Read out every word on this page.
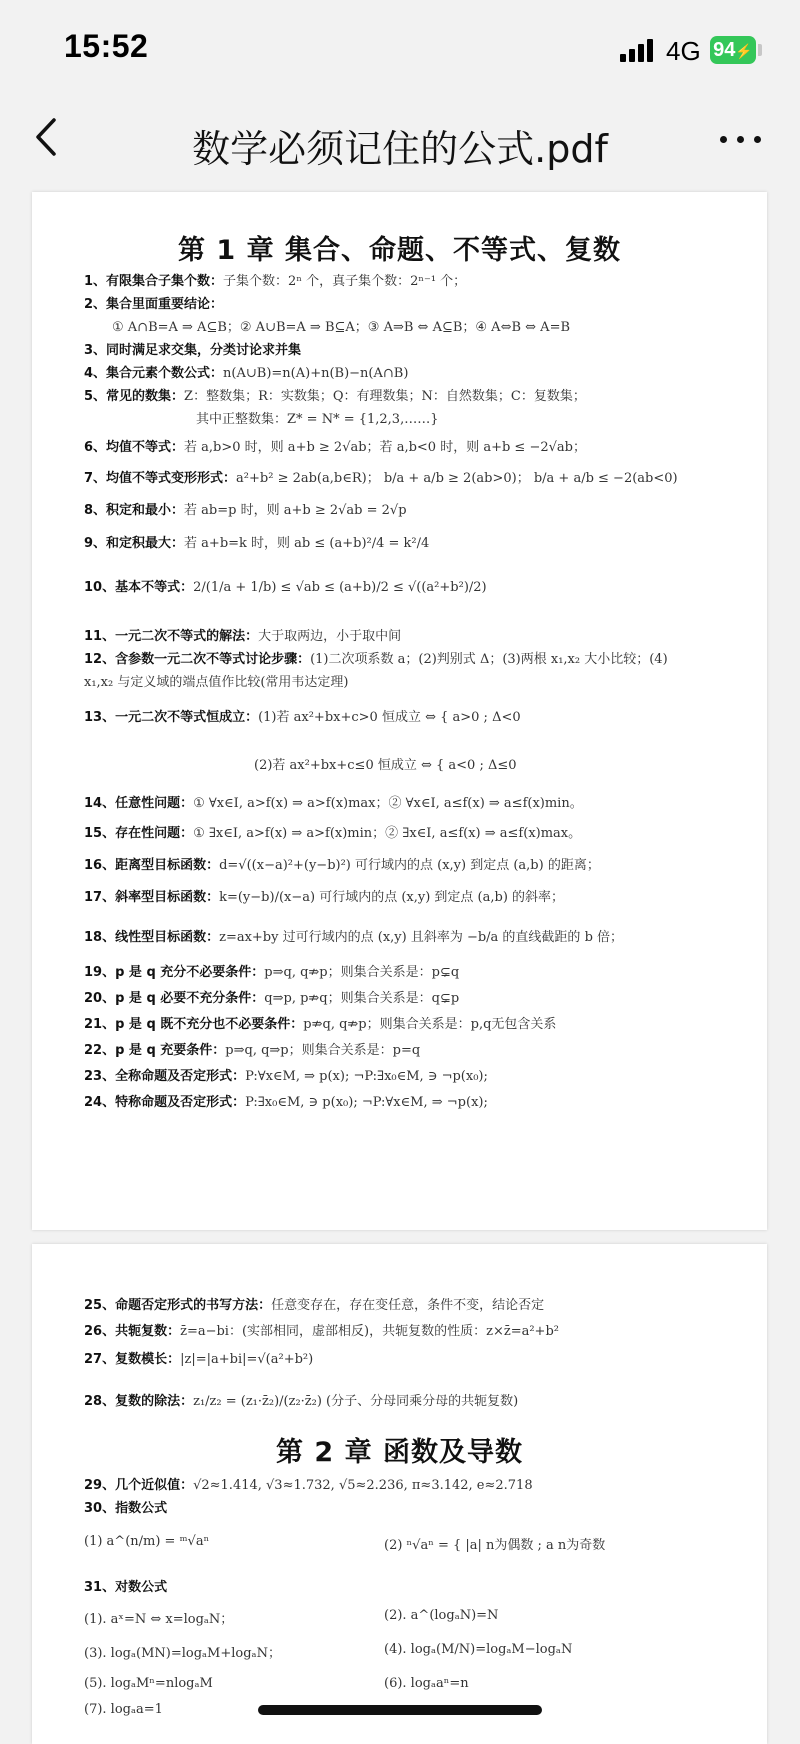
15:52	4G 94⚡
数学必须记住的公式.pdf
第 1 章 集合、命题、不等式、复数
1、有限集合子集个数：子集个数：2ⁿ 个，真子集个数：2ⁿ⁻¹ 个；
2、集合里面重要结论：
① A∩B=A ⇒ A⊆B；② A∪B=A ⇒ B⊆A；③ A⇒B ⇔ A⊆B；④ A⇔B ⇔ A=B
3、同时满足求交集，分类讨论求并集
4、集合元素个数公式：n(A∪B)=n(A)+n(B)−n(A∩B)
5、常见的数集：Z：整数集；R：实数集；Q：有理数集；N：自然数集；C：复数集；
其中正整数集：Z* = N* = {1,2,3,……}
6、均值不等式：若 a,b>0 时，则 a+b ≥ 2√ab；若 a,b<0 时，则 a+b ≤ −2√ab；
7、均值不等式变形形式：a²+b² ≥ 2ab(a,b∈R)； b/a + a/b ≥ 2(ab>0)； b/a + a/b ≤ −2(ab<0)
8、积定和最小：若 ab=p 时，则 a+b ≥ 2√ab = 2√p
9、和定积最大：若 a+b=k 时，则 ab ≤ (a+b)²/4 = k²/4
10、基本不等式：2/(1/a + 1/b) ≤ √ab ≤ (a+b)/2 ≤ √((a²+b²)/2)
11、一元二次不等式的解法：大于取两边，小于取中间
12、含参数一元二次不等式讨论步骤：(1)二次项系数 a；(2)判别式 Δ；(3)两根 x₁,x₂ 大小比较；(4)
x₁,x₂ 与定义域的端点值作比较(常用韦达定理)
13、一元二次不等式恒成立：(1)若 ax²+bx+c>0 恒成立 ⇔ { a>0 ; Δ<0
(2)若 ax²+bx+c≤0 恒成立 ⇔ { a<0 ; Δ≤0
14、任意性问题：① ∀x∈I, a>f(x) ⇒ a>f(x)max；② ∀x∈I, a≤f(x) ⇒ a≤f(x)min。
15、存在性问题：① ∃x∈I, a>f(x) ⇒ a>f(x)min；② ∃x∈I, a≤f(x) ⇒ a≤f(x)max。
16、距离型目标函数：d=√((x−a)²+(y−b)²) 可行域内的点 (x,y) 到定点 (a,b) 的距离；
17、斜率型目标函数：k=(y−b)/(x−a) 可行域内的点 (x,y) 到定点 (a,b) 的斜率；
18、线性型目标函数：z=ax+by 过可行域内的点 (x,y) 且斜率为 −b/a 的直线截距的 b 倍；
19、p 是 q 充分不必要条件：p⇒q, q⇏p；则集合关系是：p⊊q
20、p 是 q 必要不充分条件：q⇒p, p⇏q；则集合关系是：q⊊p
21、p 是 q 既不充分也不必要条件：p⇏q, q⇏p；则集合关系是：p,q无包含关系
22、p 是 q 充要条件：p⇒q, q⇒p；则集合关系是：p=q
23、全称命题及否定形式：P:∀x∈M, ⇒ p(x); ¬P:∃x₀∈M, ∋ ¬p(x₀);
24、特称命题及否定形式：P:∃x₀∈M, ∋ p(x₀); ¬P:∀x∈M, ⇒ ¬p(x);
25、命题否定形式的书写方法：任意变存在，存在变任意，条件不变，结论否定
26、共轭复数：z̄=a−bi：(实部相同，虚部相反)，共轭复数的性质：z×z̄=a²+b²
27、复数模长：|z|=|a+bi|=√(a²+b²)
28、复数的除法：z₁/z₂ = (z₁·z̄₂)/(z₂·z̄₂) (分子、分母同乘分母的共轭复数)
第 2 章 函数及导数
29、几个近似值：√2≈1.414, √3≈1.732, √5≈2.236, π≈3.142, e≈2.718
30、指数公式
(1) a^(n/m) = ᵐ√aⁿ	(2) ⁿ√aⁿ = { |a| n为偶数 ; a n为奇数
31、对数公式
(1). aˣ=N ⇔ x=logₐN；	(2). a^(logₐN)=N
(3). logₐ(MN)=logₐM+logₐN；	(4). logₐ(M/N)=logₐM−logₐN
(5). logₐMⁿ=nlogₐM	(6). logₐaⁿ=n
(7). logₐa=1
